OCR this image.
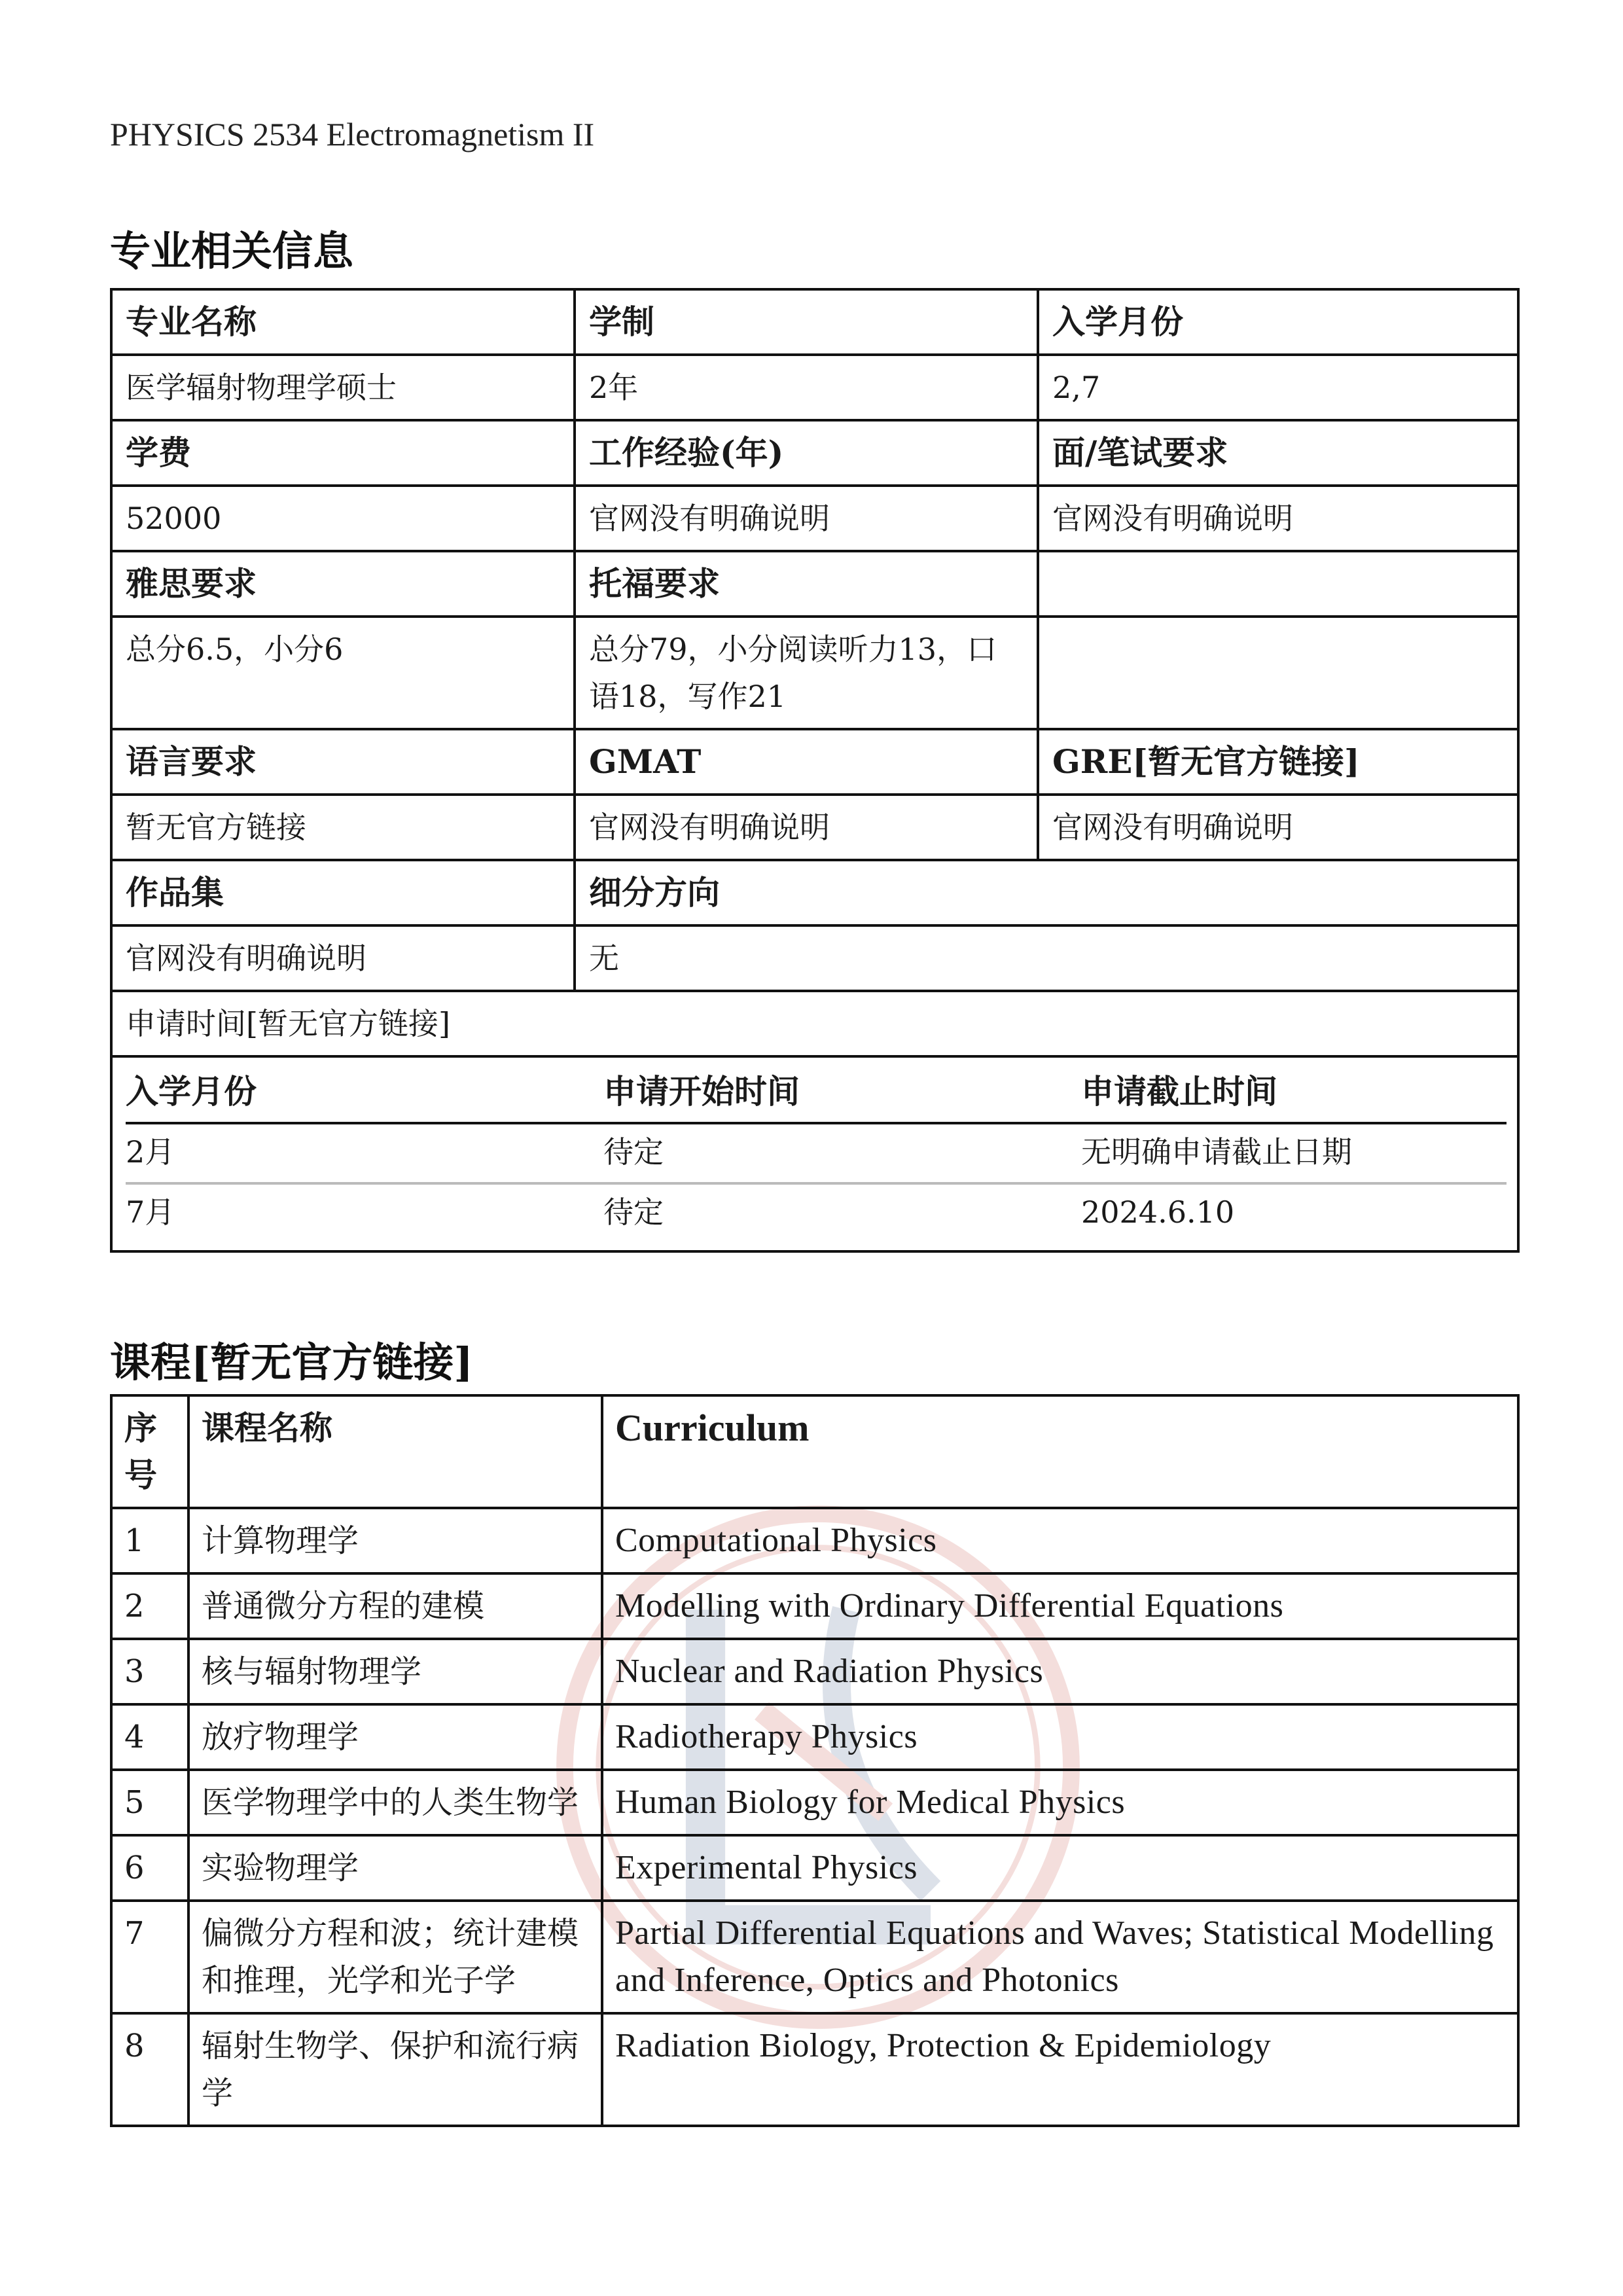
PHYSICS 2534 Electromagnetism II
专业相关信息
专业名称	学制	入学月份
医学辐射物理学硕士	2年	2,7
学费	工作经验(年)	面/笔试要求
52000	官网没有明确说明	官网没有明确说明
雅思要求	托福要求	
总分6.5，小分6	总分79，小分阅读听力13，口语18，写作21	
语言要求	GMAT	GRE[暂无官方链接]
暂无官方链接	官网没有明确说明	官网没有明确说明
作品集	细分方向
官网没有明确说明	无
申请时间[暂无官方链接]

入学月份	申请开始时间	申请截止时间
2月	待定	无明确申请截止日期
7月	待定	2024.6.10
课程[暂无官方链接]
序号	课程名称	Curriculum
1	计算物理学	Computational Physics
2	普通微分方程的建模	Modelling with Ordinary Differential Equations
3	核与辐射物理学	Nuclear and Radiation Physics
4	放疗物理学	Radiotherapy Physics
5	医学物理学中的人类生物学	Human Biology for Medical Physics
6	实验物理学	Experimental Physics
7	偏微分方程和波；统计建模和推理，光学和光子学	Partial Differential Equations and Waves; Statistical Modelling and Inference, Optics and Photonics
8	辐射生物学、保护和流行病学	Radiation Biology, Protection & Epidemiology
